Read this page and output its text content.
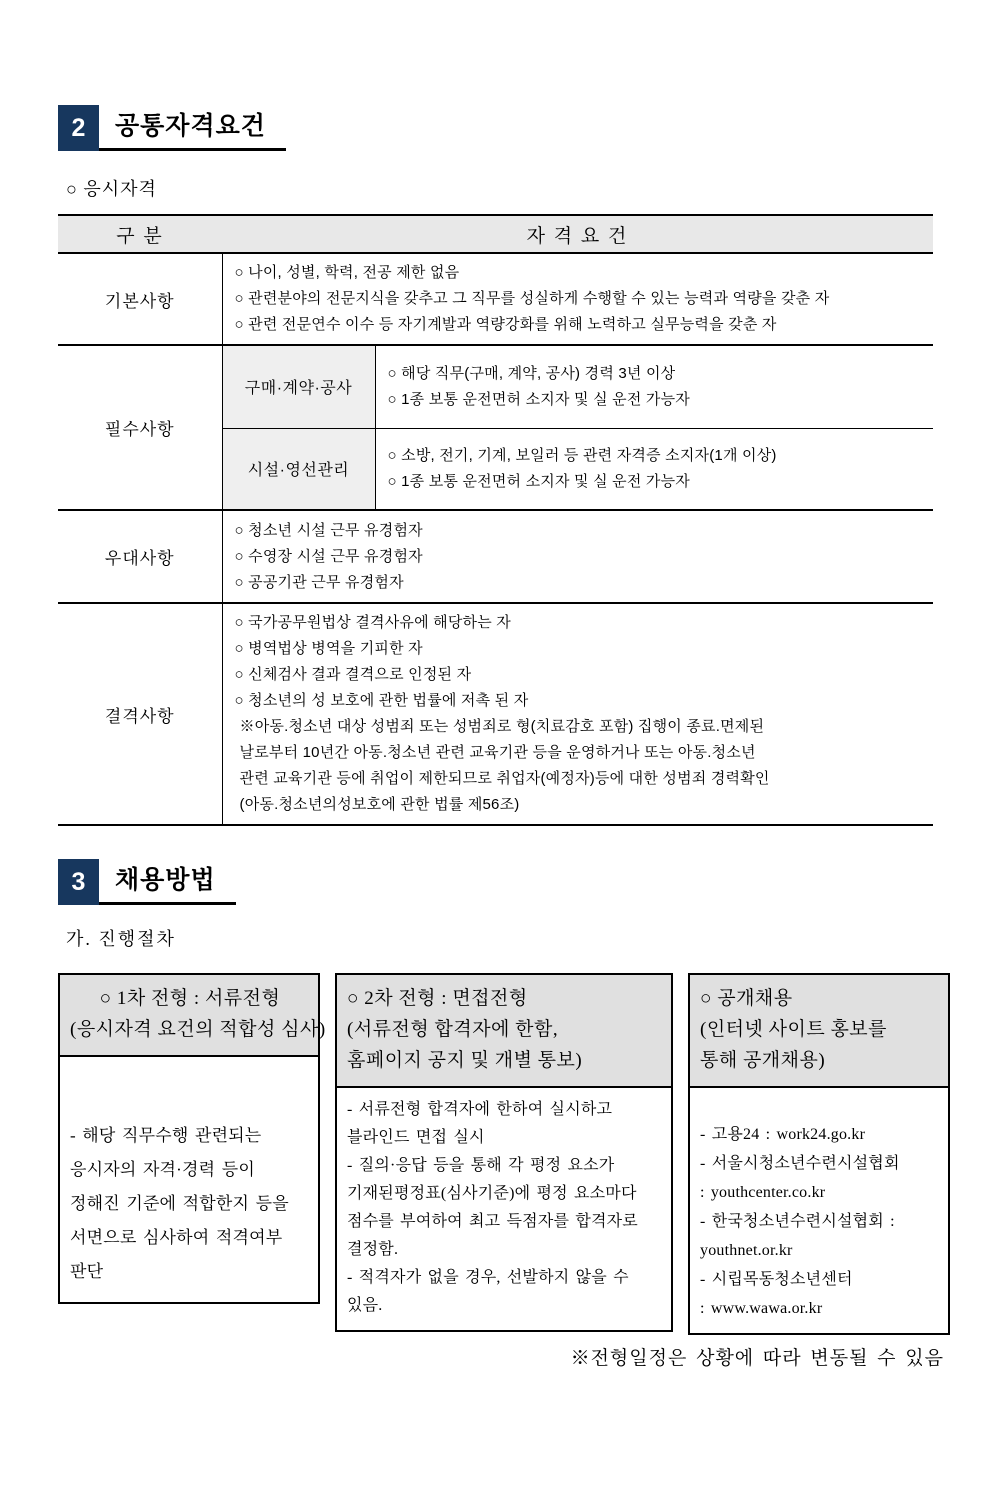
2	공통자격요건
○ 응시자격
구 분	자 격 요 건	
기본사항	○ 나이, 성별, 학력, 전공 제한 없음
○ 관련분야의 전문지식을 갖추고 그 직무를 성실하게 수행할 수 있는 능력과 역량을 갖춘 자
○ 관련 전문연수 이수 등 자기계발과 역량강화를 위해 노력하고 실무능력을 갖춘 자	

필수사항	구매·계약·공사	○ 해당 직무(구매, 계약, 공사) 경력 3년 이상
○ 1종 보통 운전면허 소지자 및 실 운전 가능자

	시설·영선관리	○ 소방, 전기, 기계, 보일러 등 관련 자격증 소지자(1개 이상)
○ 1종 보통 운전면허 소지자 및 실 운전 가능자

우대사항	○ 청소년 시설 근무 유경험자
○ 수영장 시설 근무 유경험자
○ 공공기관 근무 유경험자	

결격사항	
○ 국가공무원법상 결격사유에 해당하는 자
○ 병역법상 병역을 기피한 자
○ 신체검사 결과 결격으로 인정된 자
○ 청소년의 성 보호에 관한 법률에 저촉 된 자
※아동.청소년 대상 성범죄 또는 성범죄로 형(치료감호 포함) 집행이 종료.면제된
날로부터 10년간 아동.청소년 관련 교육기관 등을 운영하거나 또는 아동.청소년
관련 교육기관 등에 취업이 제한되므로 취업자(예정자)등에 대한 성범죄 경력확인
(아동.청소년의성보호에 관한 법률 제56조)
3	채용방법
가. 진행절차
○ 1차 전형 : 서류전형
(응시자격 요건의 적합성 심사)
- 해당 직무수행 관련되는
응시자의 자격·경력 등이
정해진 기준에 적합한지 등을
서면으로 심사하여 적격여부
판단
○ 2차 전형 : 면접전형
(서류전형 합격자에 한함,
홈페이지 공지 및 개별 통보)
- 서류전형 합격자에 한하여 실시하고
블라인드 면접 실시
- 질의·응답 등을 통해 각 평정 요소가
기재된평정표(심사기준)에 평정 요소마다
점수를 부여하여 최고 득점자를 합격자로
결정함.
- 적격자가 없을 경우, 선발하지 않을 수
있음.
○ 공개채용
(인터넷 사이트 홍보를
통해 공개채용)
- 고용24 : work24.go.kr
- 서울시청소년수련시설협회
: youthcenter.co.kr
- 한국청소년수련시설협회 :
youthnet.or.kr
- 시립목동청소년센터
: www.wawa.or.kr
※전형일정은 상황에 따라 변동될 수 있음
